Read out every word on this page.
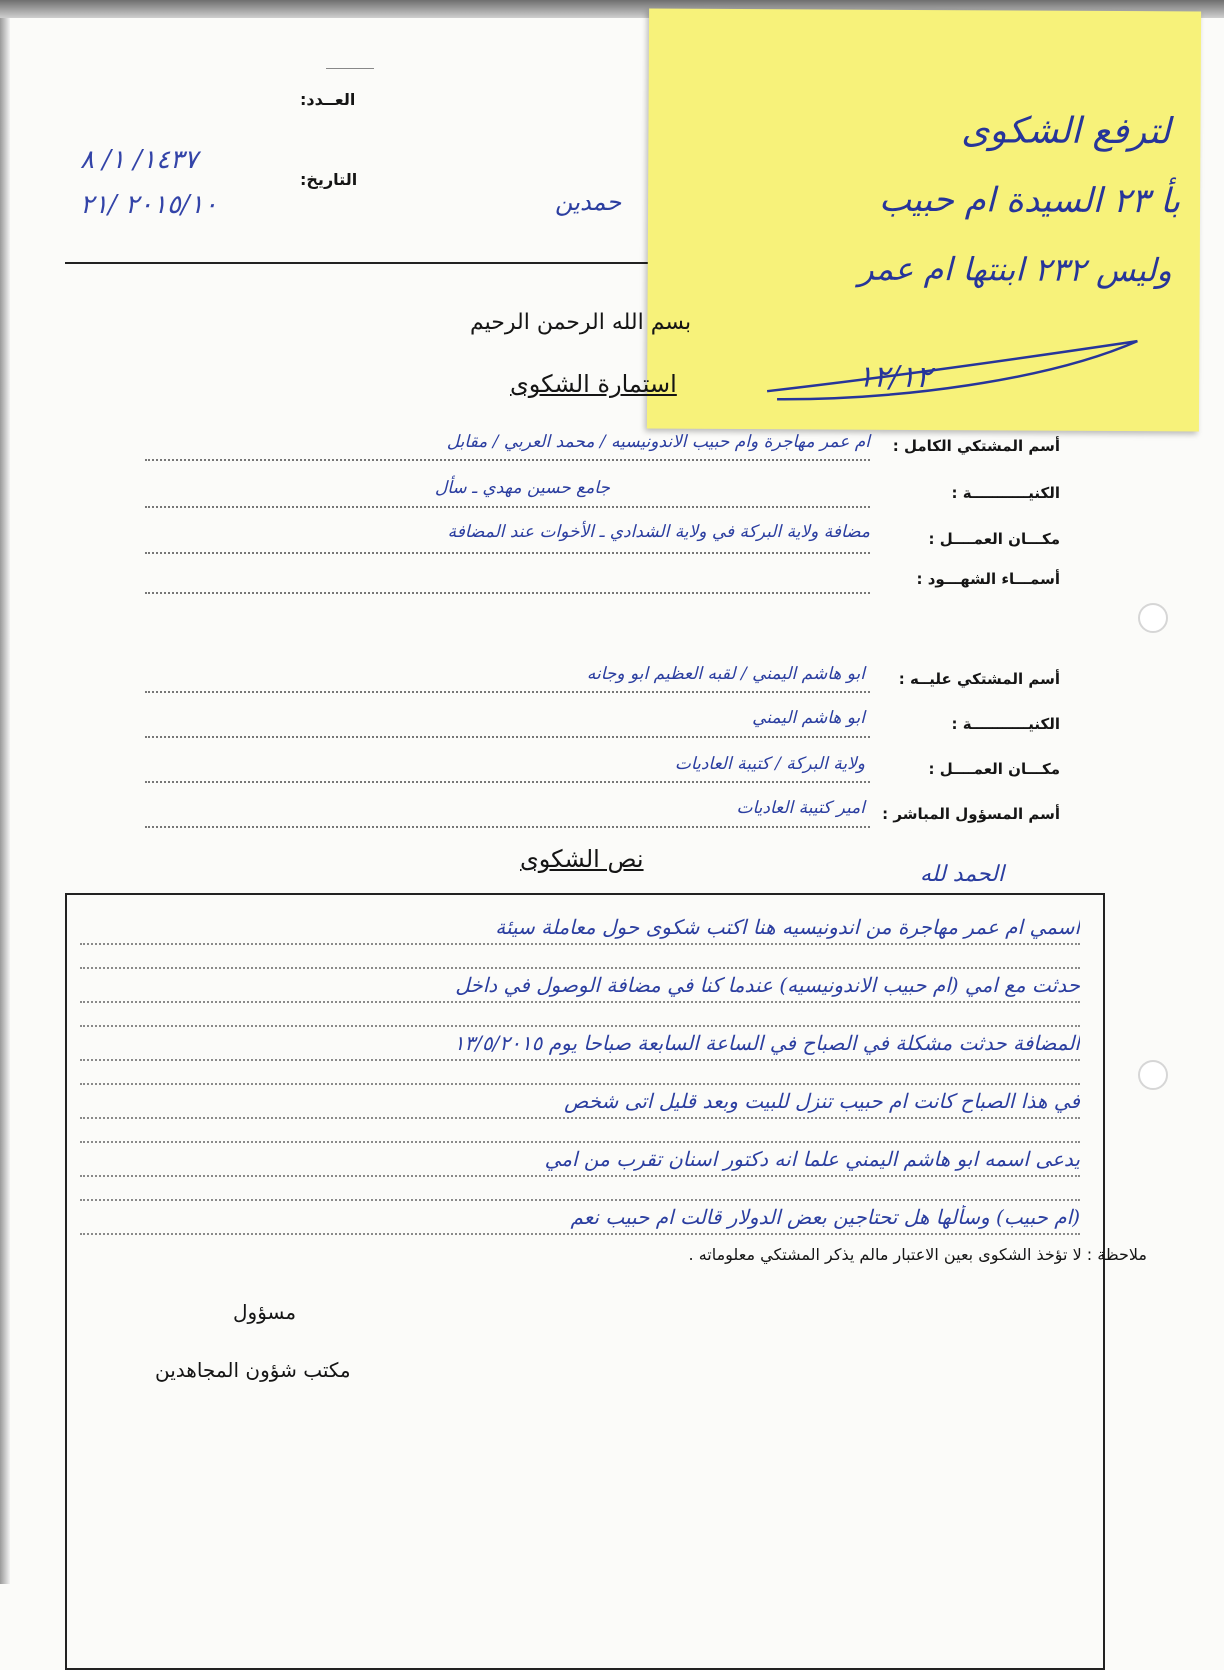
العــدد:
التاريخ:
١٤٣٧/ ١/ ٨
٢٠١٥/١٠ /٢١	حمدين
لترفع الشكوى
بأ ٢٣ السيدة ام حبيب
وليس ٢٣٢ ابنتها ام عمر
١٢/١٢
بسم الله الرحمن الرحيم
استمارة الشكوى
أسم المشتكي الكامل :
ام عمر مهاجرة وام حبيب الاندونيسيه / محمد العربي / مقابل
الكنيـــــــــــة :
جامع حسين مهدي ـ سأل
مكـــان العمــــل :
مضافة ولاية البركة في ولاية الشدادي ـ الأخوات عند المضافة
أسمـــاء الشهـــود :
أسم المشتكي عليــه :
ابو هاشم اليمني / لقبه العظيم ابو وجانه
الكنيـــــــــــة :
ابو هاشم اليمني
مكـــان العمــــل :
ولاية البركة / كتيبة العاديات
أسم المسؤول المباشر :
امير كتيبة العاديات
نص الشكوى
الحمد لله
اسمي ام عمر مهاجرة من اندونيسيه هنا اكتب شكوى حول معاملة سيئة
حدثت مع امي (ام حبيب الاندونيسيه) عندما كنا في مضافة الوصول في داخل
المضافة حدثت مشكلة في الصباح في الساعة السابعة صباحا يوم ١٣/٥/٢٠١٥
في هذا الصباح كانت ام حبيب تنزل للبيت وبعد قليل اتى شخص
يدعى اسمه ابو هاشم اليمني علما انه دكتور اسنان تقرب من امي
(ام حبيب) وسألها هل تحتاجين بعض الدولار قالت ام حبيب نعم
ملاحظة : لا تؤخذ الشكوى بعين الاعتبار مالم يذكر المشتكي معلوماته .
مسؤول
مكتب شؤون المجاهدين
